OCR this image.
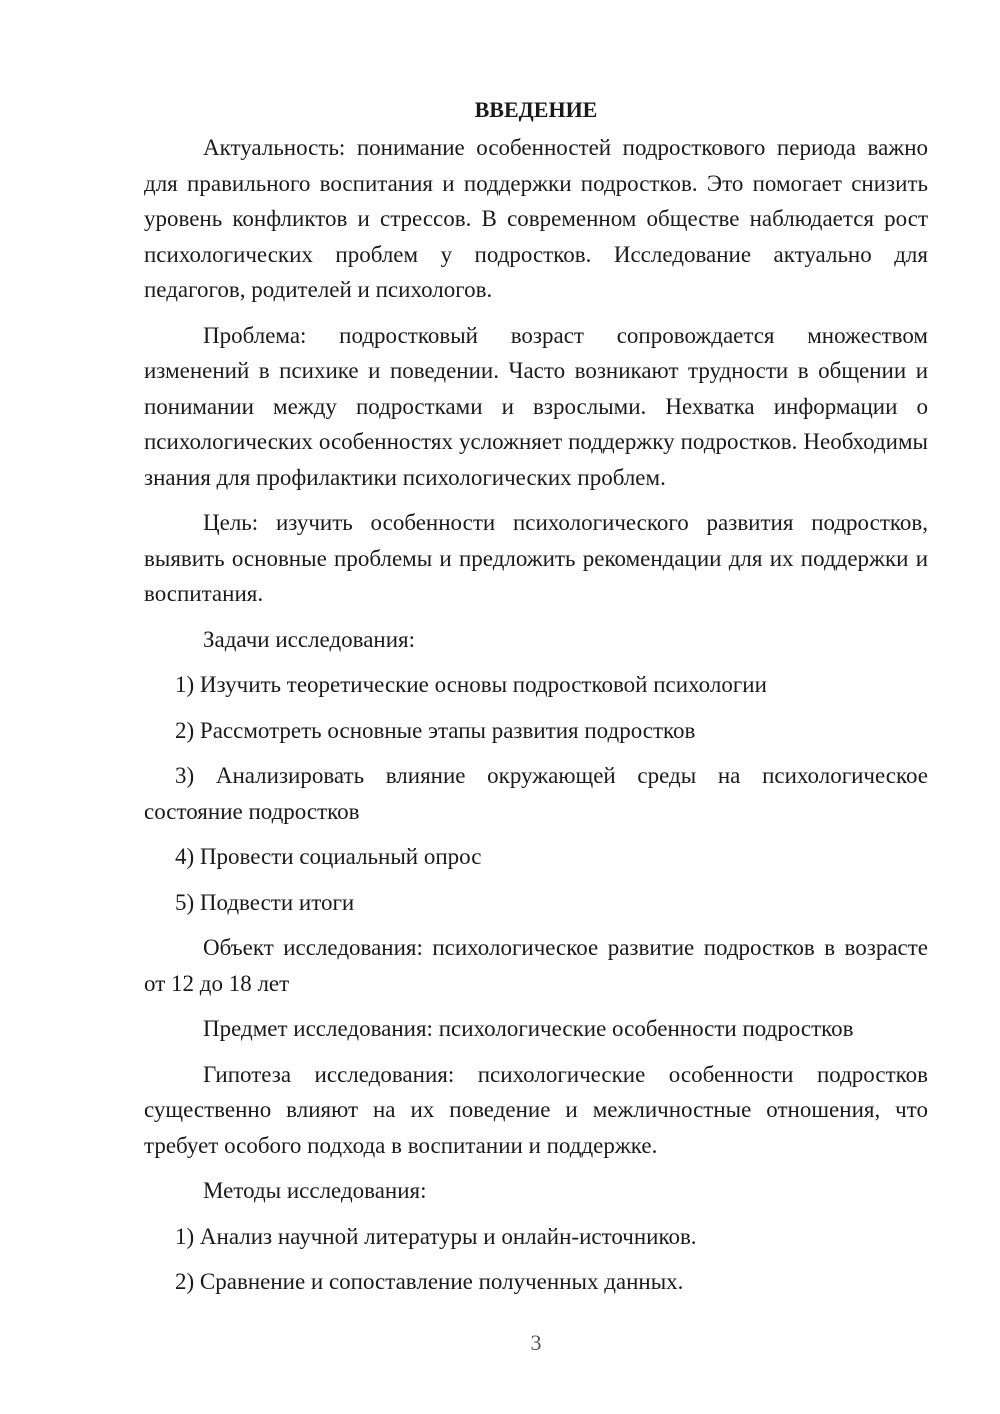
ВВЕДЕНИЕ

Актуальность: понимание особенностей подросткового периода важно для правильного воспитания и поддержки подростков. Это помогает снизить уровень конфликтов и стрессов. В современном обществе наблюдается рост психологических проблем у подростков. Исследование актуально для педагогов, родителей и психологов.

Проблема: подростковый возраст сопровождается множеством изменений в психике и поведении. Часто возникают трудности в общении и понимании между подростками и взрослыми. Нехватка информации о психологических особенностях усложняет поддержку подростков. Необходимы знания для профилактики психологических проблем.

Цель: изучить особенности психологического развития подростков, выявить основные проблемы и предложить рекомендации для их поддержки и воспитания.

Задачи исследования:

1) Изучить теоретические основы подростковой психологии

2) Рассмотреть основные этапы развития подростков

3) Анализировать влияние окружающей среды на психологическое состояние подростков

4) Провести социальный опрос

5) Подвести итоги

Объект исследования: психологическое развитие подростков в возрасте от 12 до 18 лет

Предмет исследования: психологические особенности подростков

Гипотеза исследования: психологические особенности подростков существенно влияют на их поведение и межличностные отношения, что требует особого подхода в воспитании и поддержке.

Методы исследования:

1) Анализ научной литературы и онлайн-источников.

2) Сравнение и сопоставление полученных данных.

3
